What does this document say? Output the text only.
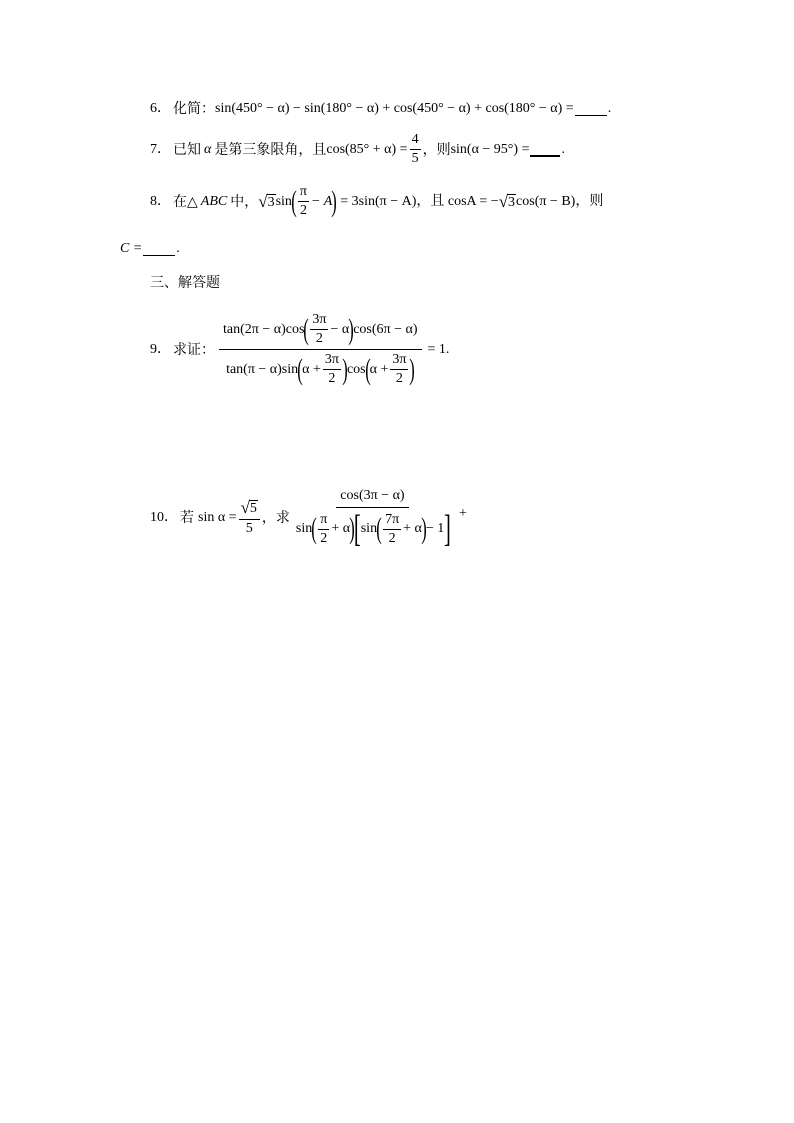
6． 化简： sin(450° − α) − sin(180° − α) + cos(450° − α) + cos(180° − α) = .
7． 已知 α 是第三象限角，且 $\cos(85^\circ + \alpha) = \frac{4}{5}$ ，则 sin(α − 95°) = .
8． 在△ ABC 中， √ 3 sin ( $\frac{\pi}{2} - A$ ) = 3sin(π − A)，且 cosA = − √ 3 cos(π − B)，则
C = .
三、解答题
9． 求证：
tan(2π − α)cos ( $\frac{3\pi}{2} - \alpha$ ) cos(6π − α)
tan(π − α)sin ( $\alpha + \frac{3\pi}{2}$ ) cos ( $\alpha + \frac{3\pi}{2}$ )
= 1.
10． 若 $\sin \alpha = \frac{√ 5}{5}$ ，求
cos(3π − α)
sin ( $\frac{\pi}{2} + \alpha$ ) [ sin ( $\frac{7\pi}{2} + \alpha$ ) − 1 ] +
